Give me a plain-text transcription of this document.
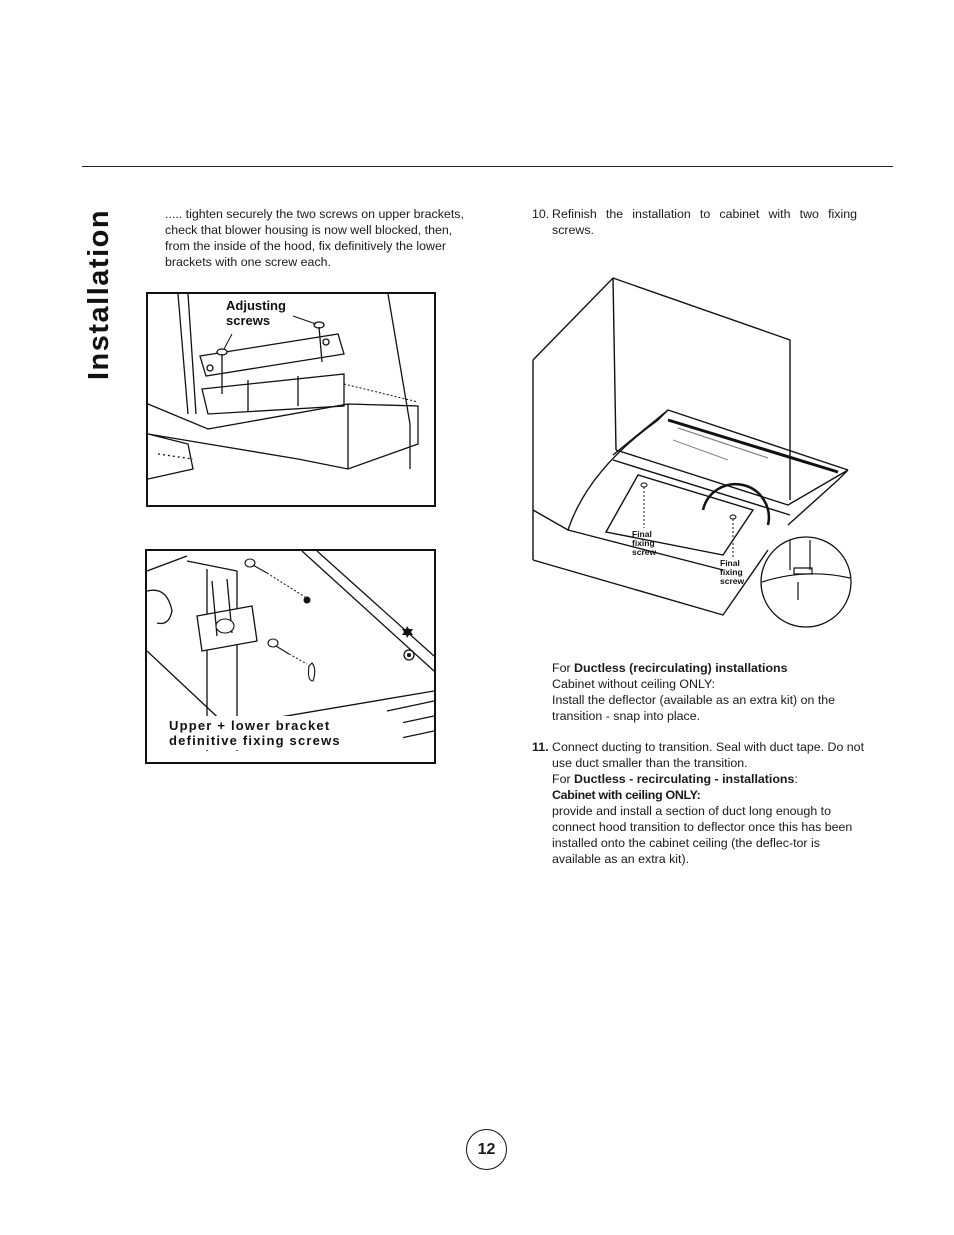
Installation	..... tighten securely the two screws on upper brackets, check that blower housing is now well blocked, then, from the inside of the hood, fix definitively the lower brackets with one screw each.
Adjusting screws
Upper + lower bracket definitive fixing screws
10. Refinish the installation to cabinet with two fixing screws.
Final fixing screw
Final fixing screw
For Ductless (recirculating) installations
Cabinet without ceiling ONLY:
Install the deflector (available as an extra kit) on the transition - snap into place.
11. Connect ducting to transition. Seal with duct tape. Do not use duct smaller than the transition.
For Ductless - recirculating - installations:
Cabinet with ceiling ONLY:
provide and install a section of duct long enough to connect hood transition to deflector once this has been installed onto the cabinet ceiling (the deflec-tor is available as an extra kit).
12
